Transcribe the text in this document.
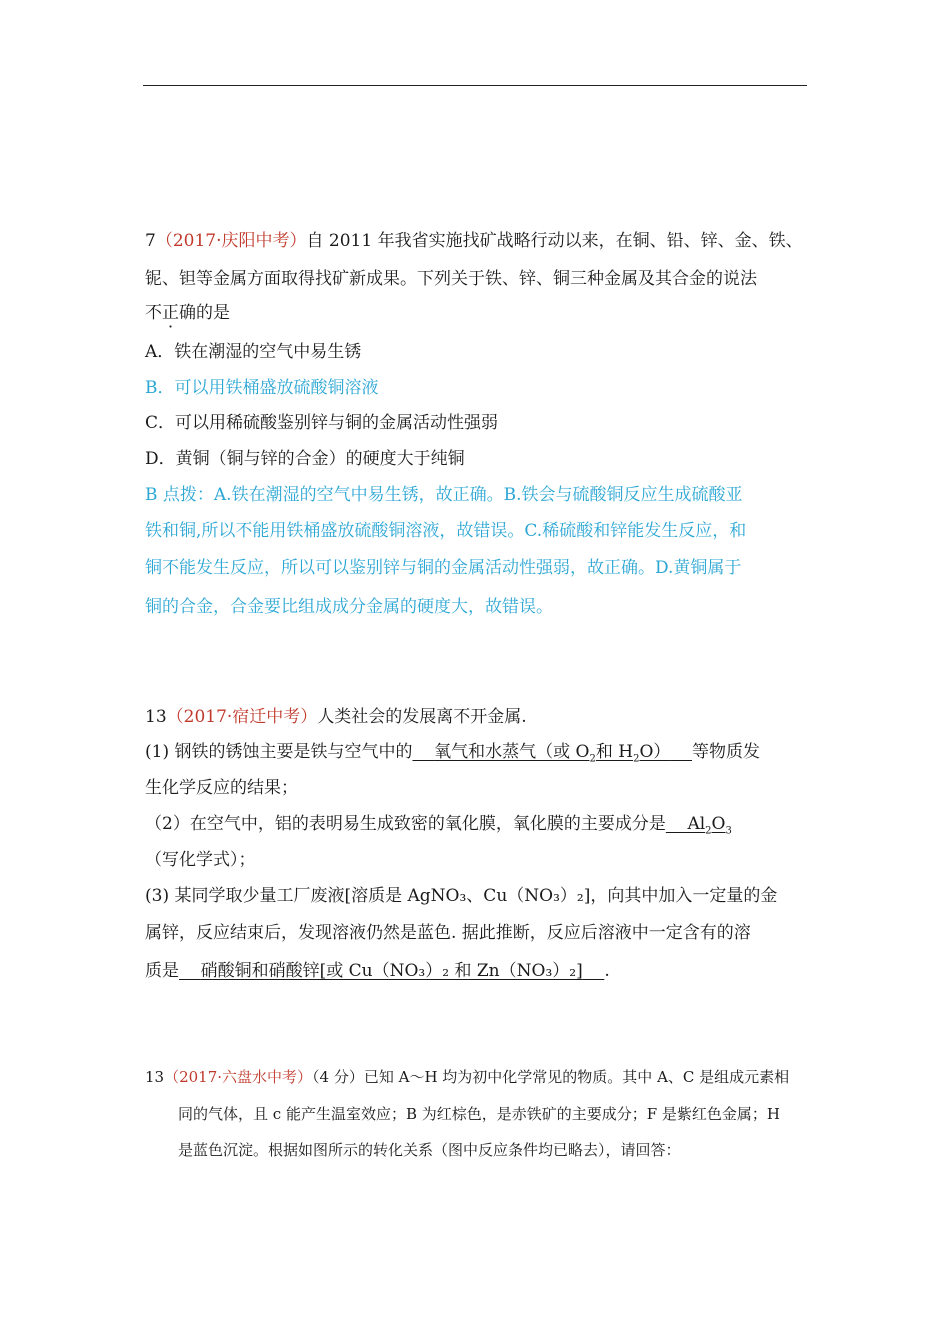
7（2017·庆阳中考）自 2011 年我省实施找矿战略行动以来，在铜、铅、锌、金、铁、
铌、钽等金属方面取得找矿新成果。下列关于铁、锌、铜三种金属及其合金的说法
不正确的是
A．铁在潮湿的空气中易生锈
B．可以用铁桶盛放硫酸铜溶液
C．可以用稀硫酸鉴别锌与铜的金属活动性强弱
D．黄铜（铜与锌的合金）的硬度大于纯铜
B 点拨：A.铁在潮湿的空气中易生锈，故正确。B.铁会与硫酸铜反应生成硫酸亚
铁和铜,所以不能用铁桶盛放硫酸铜溶液，故错误。C.稀硫酸和锌能发生反应，和
铜不能发生反应，所以可以鉴别锌与铜的金属活动性强弱，故正确。D.黄铜属于
铜的合金，合金要比组成成分金属的硬度大，故错误。
13（2017·宿迁中考）人类社会的发展离不开金属.
(1) 钢铁的锈蚀主要是铁与空气中的 氧气和水蒸气（或 $O_2$和 $H_2O$） 等物质发
生化学反应的结果；
（2）在空气中，铝的表明易生成致密的氧化膜，氧化膜的主要成分是 $Al_2O_3$
（写化学式）；
(3) 某同学取少量工厂废液[溶质是 AgNO₃、Cu（NO₃）₂]，向其中加入一定量的金
属锌，反应结束后，发现溶液仍然是蓝色. 据此推断，反应后溶液中一定含有的溶
质是 硝酸铜和硝酸锌[或 Cu（NO₃）₂ 和 Zn（NO₃）₂] .
13（2017·六盘水中考）（4 分）已知 A～H 均为初中化学常见的物质。其中 A、C 是组成元素相
同的气体，且 c 能产生温室效应；B 为红棕色，是赤铁矿的主要成分；F 是紫红色金属；H
是蓝色沉淀。根据如图所示的转化关系（图中反应条件均已略去），请回答：
